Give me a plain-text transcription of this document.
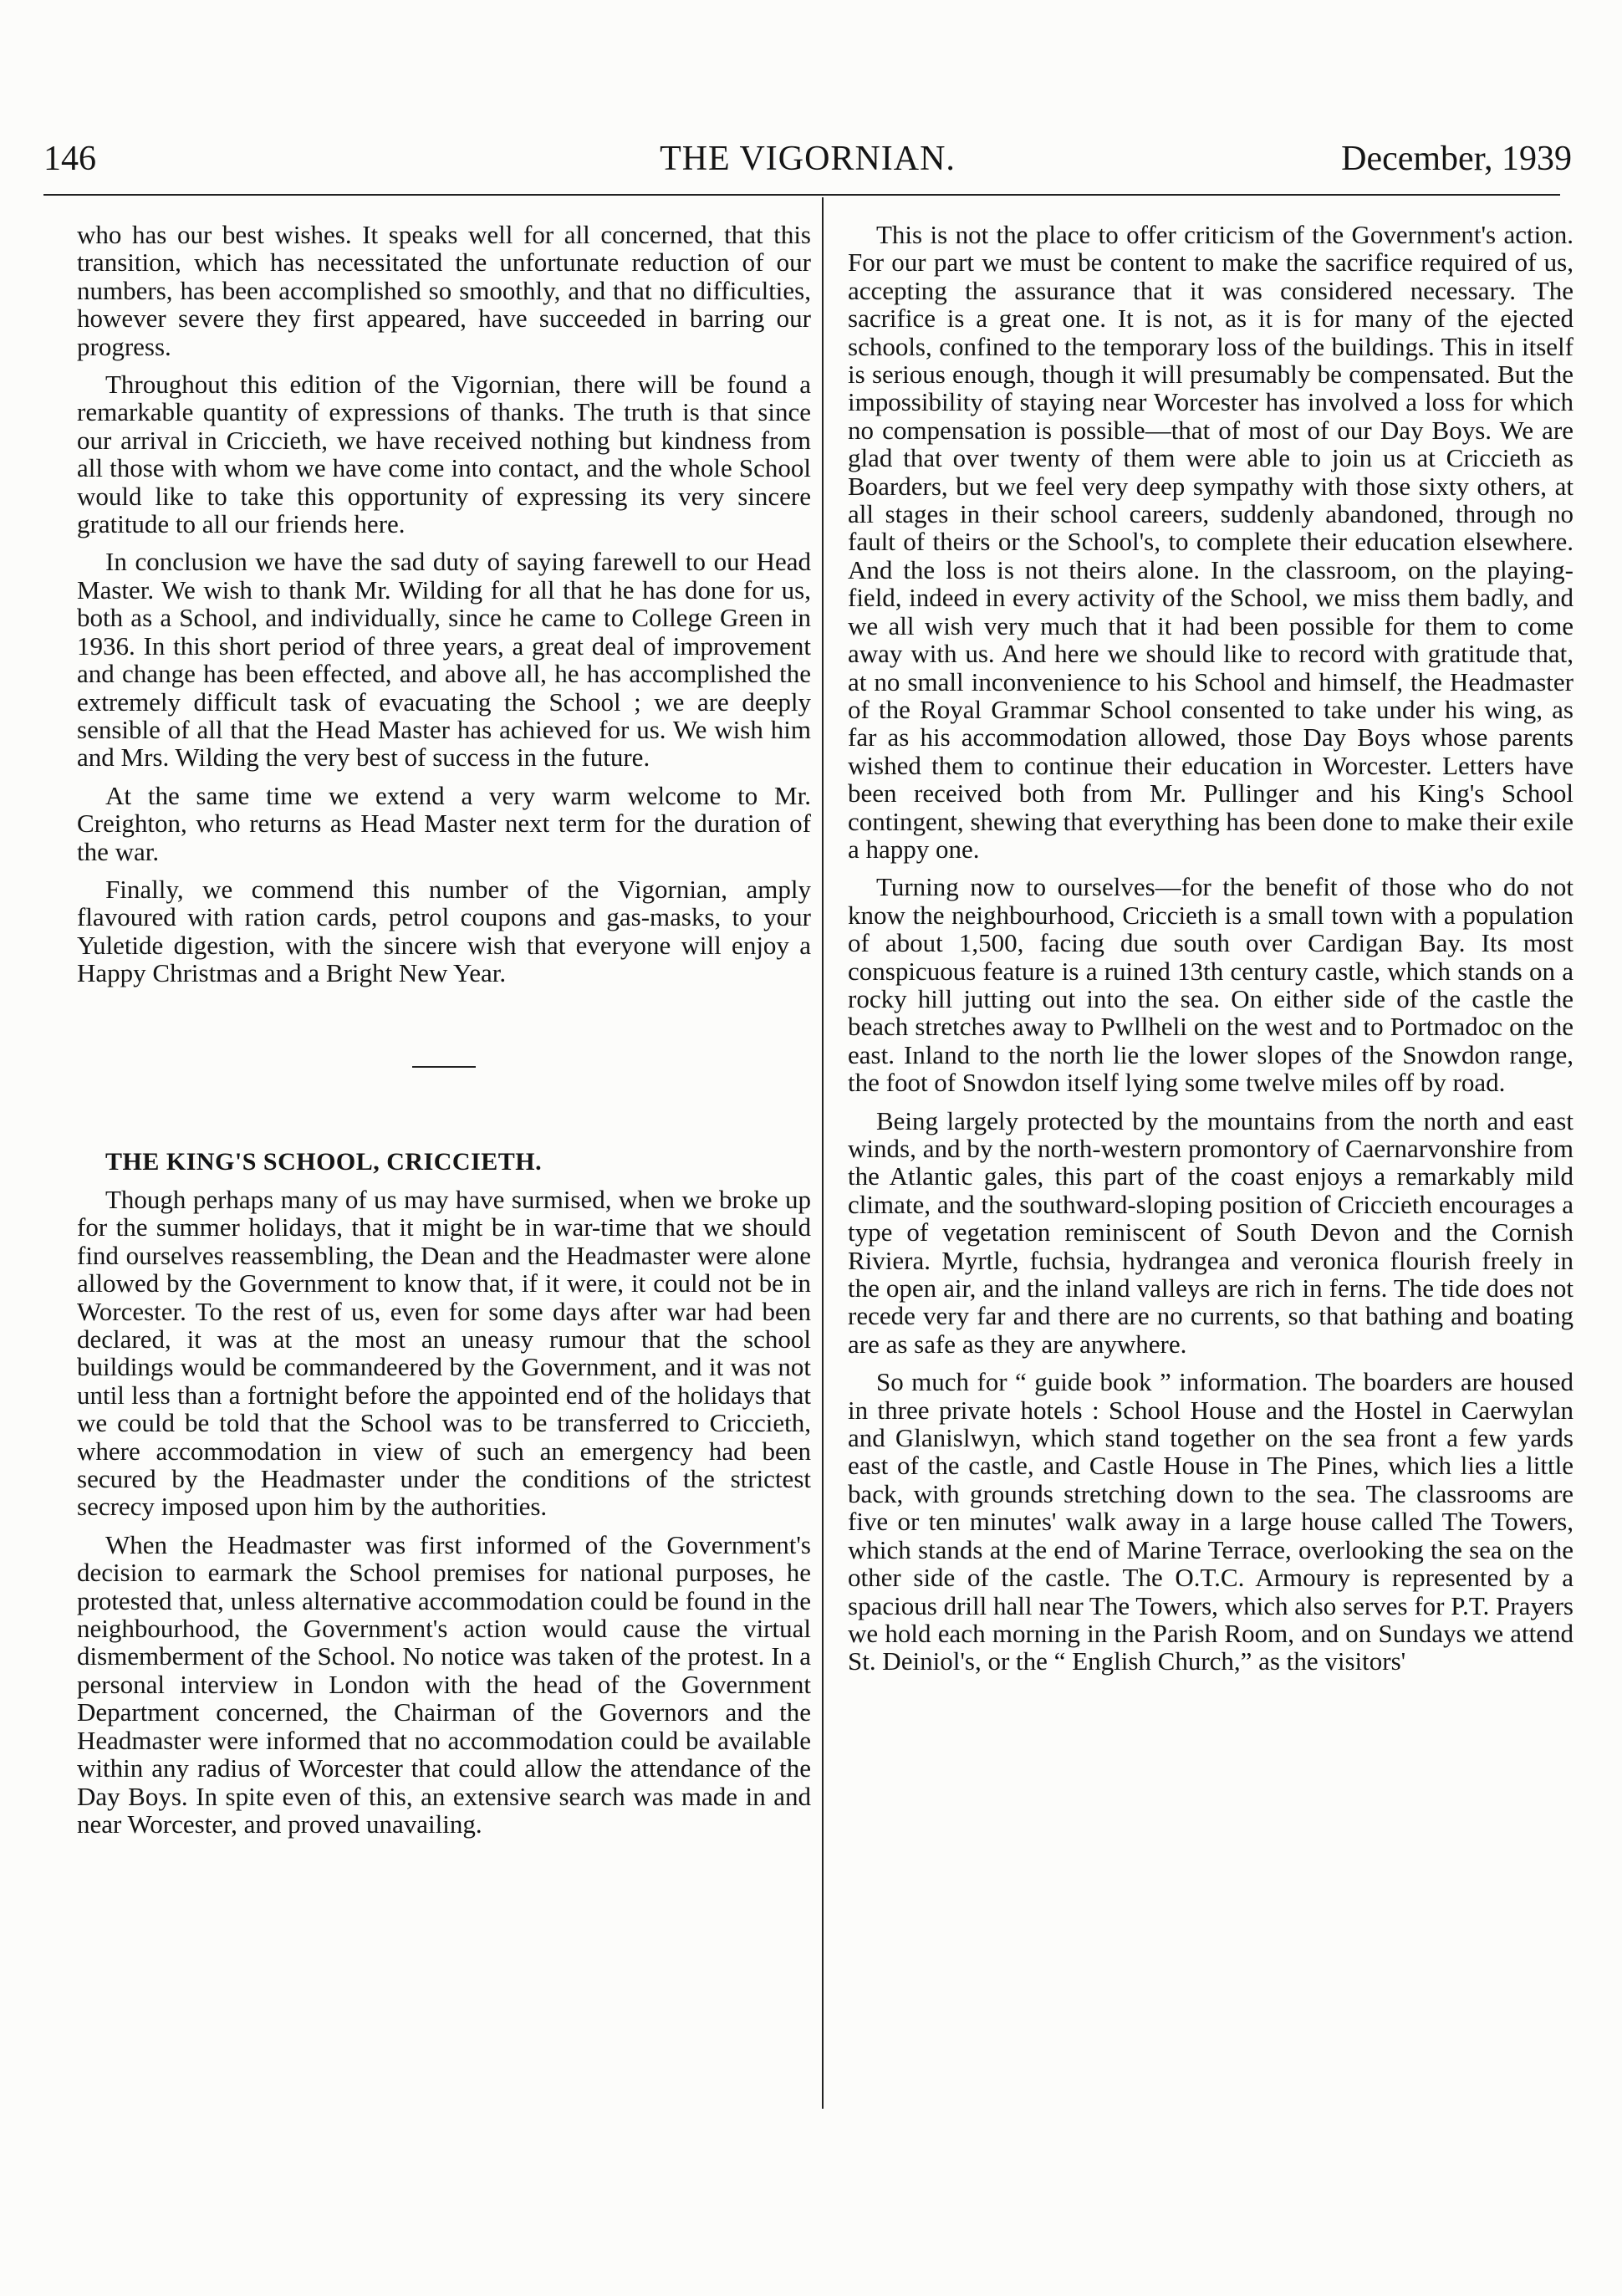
146	THE VIGORNIAN.	December, 1939

who has our best wishes. It speaks well for all concerned, that this transition, which has necessitated the unfortunate reduction of our numbers, has been accomplished so smoothly, and that no difficulties, however severe they first appeared, have succeeded in barring our progress.

Throughout this edition of the Vigornian, there will be found a remarkable quantity of expressions of thanks. The truth is that since our arrival in Criccieth, we have received nothing but kindness from all those with whom we have come into contact, and the whole School would like to take this opportunity of expressing its very sincere gratitude to all our friends here.

In conclusion we have the sad duty of saying farewell to our Head Master. We wish to thank Mr. Wilding for all that he has done for us, both as a School, and individually, since he came to College Green in 1936. In this short period of three years, a great deal of improvement and change has been effected, and above all, he has accomplished the extremely difficult task of evacuating the School ; we are deeply sensible of all that the Head Master has achieved for us. We wish him and Mrs. Wilding the very best of success in the future.

At the same time we extend a very warm welcome to Mr. Creighton, who returns as Head Master next term for the duration of the war.

Finally, we commend this number of the Vigornian, amply flavoured with ration cards, petrol coupons and gas-masks, to your Yuletide digestion, with the sincere wish that everyone will enjoy a Happy Christmas and a Bright New Year.

THE KING'S SCHOOL, CRICCIETH.

Though perhaps many of us may have surmised, when we broke up for the summer holidays, that it might be in war-time that we should find ourselves reassembling, the Dean and the Headmaster were alone allowed by the Government to know that, if it were, it could not be in Worcester. To the rest of us, even for some days after war had been declared, it was at the most an uneasy rumour that the school buildings would be commandeered by the Government, and it was not until less than a fortnight before the appointed end of the holidays that we could be told that the School was to be transferred to Criccieth, where accommodation in view of such an emergency had been secured by the Headmaster under the conditions of the strictest secrecy imposed upon him by the authorities.

When the Headmaster was first informed of the Government's decision to earmark the School premises for national purposes, he protested that, unless alternative accommodation could be found in the neighbourhood, the Government's action would cause the virtual dismemberment of the School. No notice was taken of the protest. In a personal interview in London with the head of the Government Department concerned, the Chairman of the Governors and the Headmaster were informed that no accommodation could be available within any radius of Worcester that could allow the attendance of the Day Boys. In spite even of this, an extensive search was made in and near Worcester, and proved unavailing.

This is not the place to offer criticism of the Government's action. For our part we must be content to make the sacrifice required of us, accepting the assurance that it was considered necessary. The sacrifice is a great one. It is not, as it is for many of the ejected schools, confined to the temporary loss of the buildings. This in itself is serious enough, though it will presumably be compensated. But the impossibility of staying near Worcester has involved a loss for which no compensation is possible—that of most of our Day Boys. We are glad that over twenty of them were able to join us at Criccieth as Boarders, but we feel very deep sympathy with those sixty others, at all stages in their school careers, suddenly abandoned, through no fault of theirs or the School's, to complete their education elsewhere. And the loss is not theirs alone. In the classroom, on the playing-field, indeed in every activity of the School, we miss them badly, and we all wish very much that it had been possible for them to come away with us. And here we should like to record with gratitude that, at no small inconvenience to his School and himself, the Headmaster of the Royal Grammar School consented to take under his wing, as far as his accommodation allowed, those Day Boys whose parents wished them to continue their education in Worcester. Letters have been received both from Mr. Pullinger and his King's School contingent, shewing that everything has been done to make their exile a happy one.

Turning now to ourselves—for the benefit of those who do not know the neighbourhood, Criccieth is a small town with a population of about 1,500, facing due south over Cardigan Bay. Its most conspicuous feature is a ruined 13th century castle, which stands on a rocky hill jutting out into the sea. On either side of the castle the beach stretches away to Pwllheli on the west and to Portmadoc on the east. Inland to the north lie the lower slopes of the Snowdon range, the foot of Snowdon itself lying some twelve miles off by road.

Being largely protected by the mountains from the north and east winds, and by the north-western promontory of Caernarvonshire from the Atlantic gales, this part of the coast enjoys a remarkably mild climate, and the southward-sloping position of Criccieth encourages a type of vegetation reminiscent of South Devon and the Cornish Riviera. Myrtle, fuchsia, hydrangea and veronica flourish freely in the open air, and the inland valleys are rich in ferns. The tide does not recede very far and there are no currents, so that bathing and boating are as safe as they are anywhere.

So much for “ guide book ” information. The boarders are housed in three private hotels : School House and the Hostel in Caerwylan and Glanislwyn, which stand together on the sea front a few yards east of the castle, and Castle House in The Pines, which lies a little back, with grounds stretching down to the sea. The classrooms are five or ten minutes' walk away in a large house called The Towers, which stands at the end of Marine Terrace, overlooking the sea on the other side of the castle. The O.T.C. Armoury is represented by a spacious drill hall near The Towers, which also serves for P.T. Prayers we hold each morning in the Parish Room, and on Sundays we attend St. Deiniol's, or the “ English Church,” as the visitors'
